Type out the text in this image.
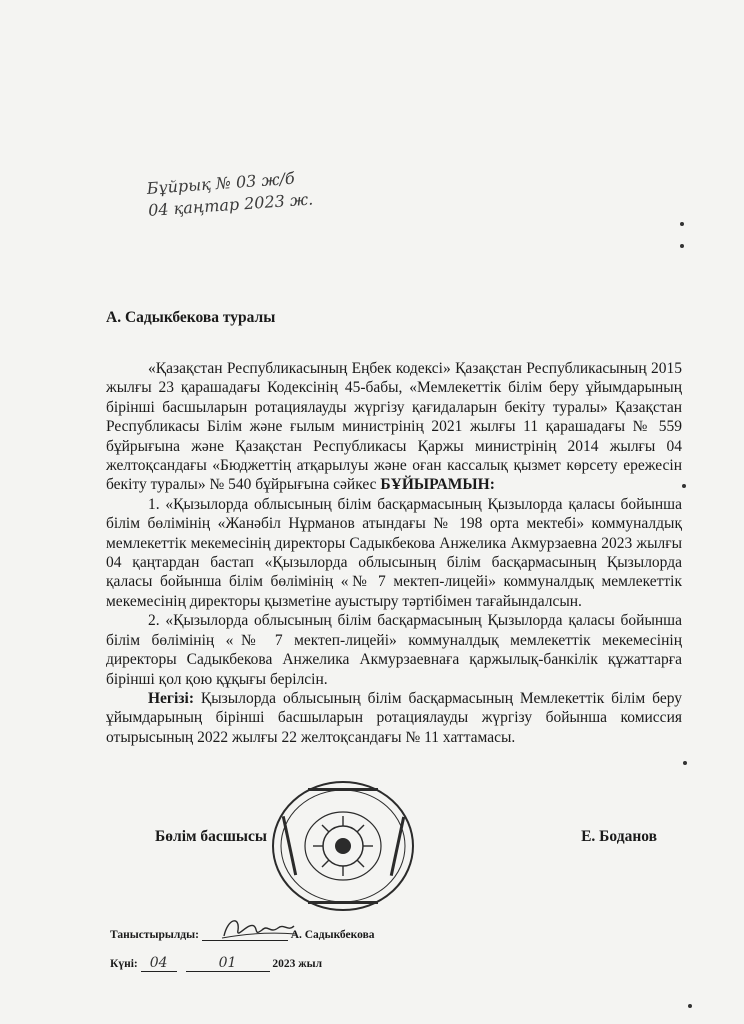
Бұйрық № 03 ж/б
04 қаңтар 2023 ж.
А. Садыкбекова туралы

«Қазақстан Республикасының Еңбек кодексі» Қазақстан Республикасының 2015 жылғы 23 қарашадағы Кодексінің 45-бабы, «Мемлекеттік білім беру ұйымдарының бірінші басшыларын ротациялауды жүргізу қағидаларын бекіту туралы» Қазақстан Республикасы Білім және ғылым министрінің 2021 жылғы 11 қарашадағы № 559 бұйрығына және Қазақстан Республикасы Қаржы министрінің 2014 жылғы 04 желтоқсандағы «Бюджеттің атқарылуы және оған кассалық қызмет көрсету ережесін бекіту туралы» № 540 бұйрығына сәйкес БҰЙЫРАМЫН:

1. «Қызылорда облысының білім басқармасының Қызылорда қаласы бойынша білім бөлімінің «Жанәбіл Нұрманов атындағы № 198 орта мектебі» коммуналдық мемлекеттік мекемесінің директоры Садыкбекова Анжелика Акмурзаевна 2023 жылғы 04 қаңтардан бастап «Қызылорда облысының білім басқармасының Қызылорда қаласы бойынша білім бөлімінің «№ 7 мектеп-лицейі» коммуналдық мемлекеттік мекемесінің директоры қызметіне ауыстыру тәртібімен тағайындалсын.

2. «Қызылорда облысының білім басқармасының Қызылорда қаласы бойынша білім бөлімінің «№ 7 мектеп-лицейі» коммуналдық мемлекеттік мекемесінің директоры Садыкбекова Анжелика Акмурзаевнаға қаржылық-банкілік құжаттарға бірінші қол қою құқығы берілсін.

Негізі: Қызылорда облысының білім басқармасының Мемлекеттік білім беру ұйымдарының бірінші басшыларын ротациялауды жүргізу бойынша комиссия отырысының 2022 жылғы 22 желтоқсандағы № 11 хаттамасы.

Бөлім басшысы	Е. Боданов
Таныстырылды:	А. Садыкбекова
Күні: 04	01	2023 жыл
